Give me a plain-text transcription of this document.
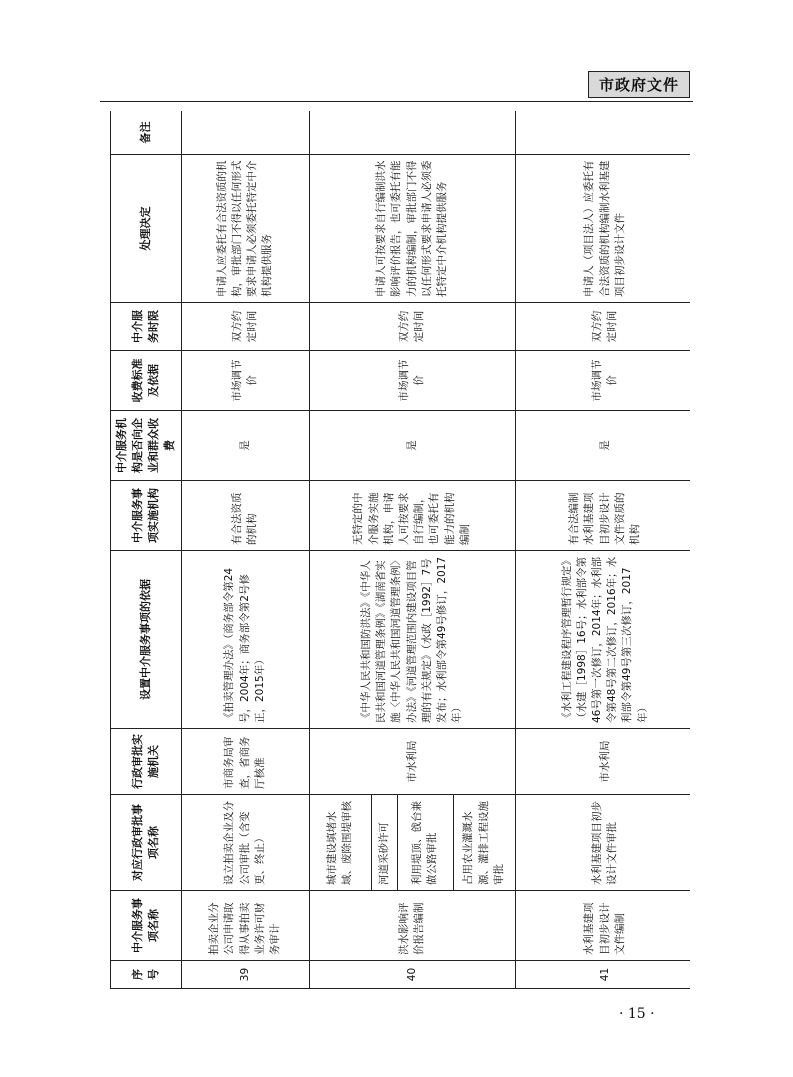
市政府文件
序号	中介服务事项名称	对应行政审批事项名称	行政审批实施机关	设置中介服务事项的依据	中介服务事项实施机构	中介服务机构是否向企业和群众收费	收费标准及依据	中介服务时限	处理决定	备注
39	拍卖企业分公司申请取得从事拍卖业务许可财务审计	设立拍卖企业及分公司审批（含变更、终止）	市商务局审查，省商务厅核准	《拍卖管理办法》（商务部令第24号，2004年；商务部令第2号修正，2015年）	有合法资质的机构	是	市场调节价	双方约定时间	申请人应委托有合法资质的机构，审批部门不得以任何形式要求申请人必须委托特定中介机构提供服务	
40	洪水影响评价报告编制	城市建设填堵水域、废除围堤审核	市水利局	《中华人民共和国防洪法》《中华人民共和国河道管理条例》《湖南省实施〈中华人民共和国河道管理条例〉办法》《河道管理范围内建设项目管理的有关规定》（水政［1992］7号发布；水利部令第49号修订，2017年）	无特定的中介服务实施机构，申请人可按要求自行编制，也可委托有能力的机构编制	是	市场调节价	双方约定时间	申请人可按要求自行编制洪水影响评价报告，也可委托有能力的机构编制，审批部门不得以任何形式要求申请人必须委托特定中介机构提供服务	
		河道采砂许可								
		利用堤顶、戗台兼做公路审批								
		占用农业灌溉水源、灌排工程设施审批								
41	水利基建项目初步设计文件编制	水利基建项目初步设计文件审批	市水利局	《水利工程建设程序管理暂行规定》（水建［1998］16号；水利部令第46号第一次修订，2014年；水利部令第48号第二次修订，2016年；水利部令第49号第三次修订，2017年）	有合法编制水利基建项目初步设计文件资质的机构	是	市场调节价	双方约定时间	申请人（项目法人）应委托有合法资质的机构编制水利基建项目初步设计文件	
· 15 ·
